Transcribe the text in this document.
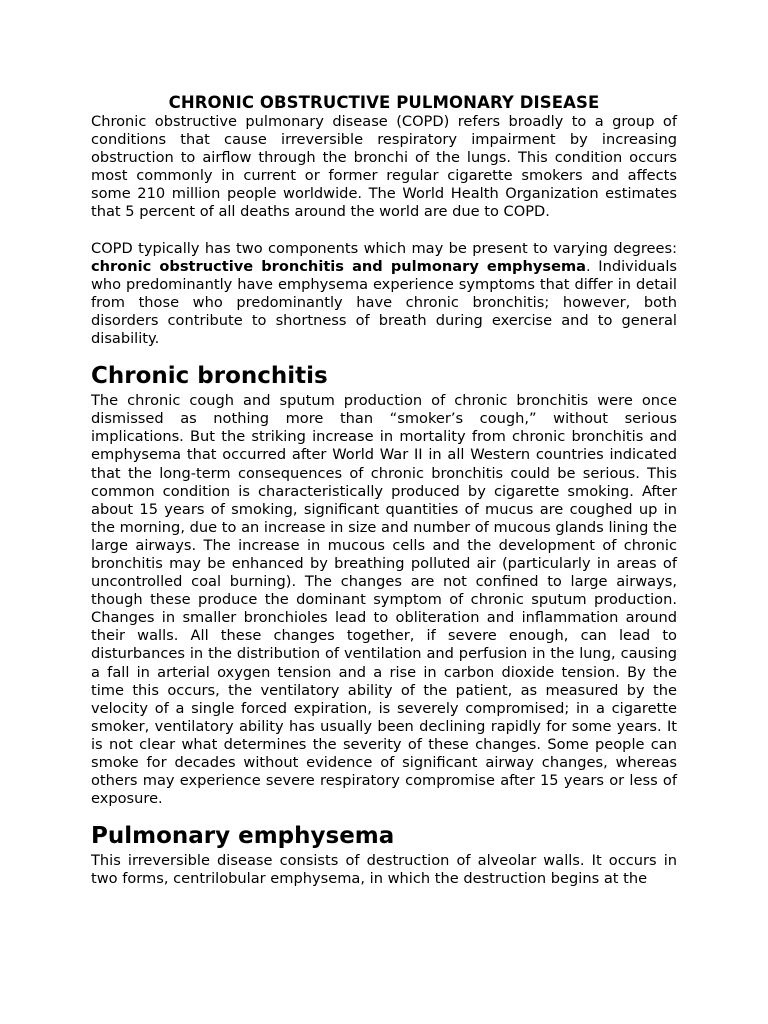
CHRONIC OBSTRUCTIVE PULMONARY DISEASE

Chronic obstructive pulmonary disease (COPD) refers broadly to a group of conditions that cause irreversible respiratory impairment by increasing obstruction to airflow through the bronchi of the lungs. This condition occurs most commonly in current or former regular cigarette smokers and affects some 210 million people worldwide. The World Health Organization estimates that 5 percent of all deaths around the world are due to COPD.

COPD typically has two components which may be present to varying degrees: chronic obstructive bronchitis and pulmonary emphysema. Individuals who predominantly have emphysema experience symptoms that differ in detail from those who predominantly have chronic bronchitis; however, both disorders contribute to shortness of breath during exercise and to general disability.

Chronic bronchitis

The chronic cough and sputum production of chronic bronchitis were once dismissed as nothing more than “smoker’s cough,” without serious implications. But the striking increase in mortality from chronic bronchitis and emphysema that occurred after World War II in all Western countries indicated that the long-term consequences of chronic bronchitis could be serious. This common condition is characteristically produced by cigarette smoking. After about 15 years of smoking, significant quantities of mucus are coughed up in the morning, due to an increase in size and number of mucous glands lining the large airways. The increase in mucous cells and the development of chronic bronchitis may be enhanced by breathing polluted air (particularly in areas of uncontrolled coal burning). The changes are not confined to large airways, though these produce the dominant symptom of chronic sputum production. Changes in smaller bronchioles lead to obliteration and inflammation around their walls. All these changes together, if severe enough, can lead to disturbances in the distribution of ventilation and perfusion in the lung, causing a fall in arterial oxygen tension and a rise in carbon dioxide tension. By the time this occurs, the ventilatory ability of the patient, as measured by the velocity of a single forced expiration, is severely compromised; in a cigarette smoker, ventilatory ability has usually been declining rapidly for some years. It is not clear what determines the severity of these changes. Some people can smoke for decades without evidence of significant airway changes, whereas others may experience severe respiratory compromise after 15 years or less of exposure.

Pulmonary emphysema

This irreversible disease consists of destruction of alveolar walls. It occurs in two forms, centrilobular emphysema, in which the destruction begins at the
